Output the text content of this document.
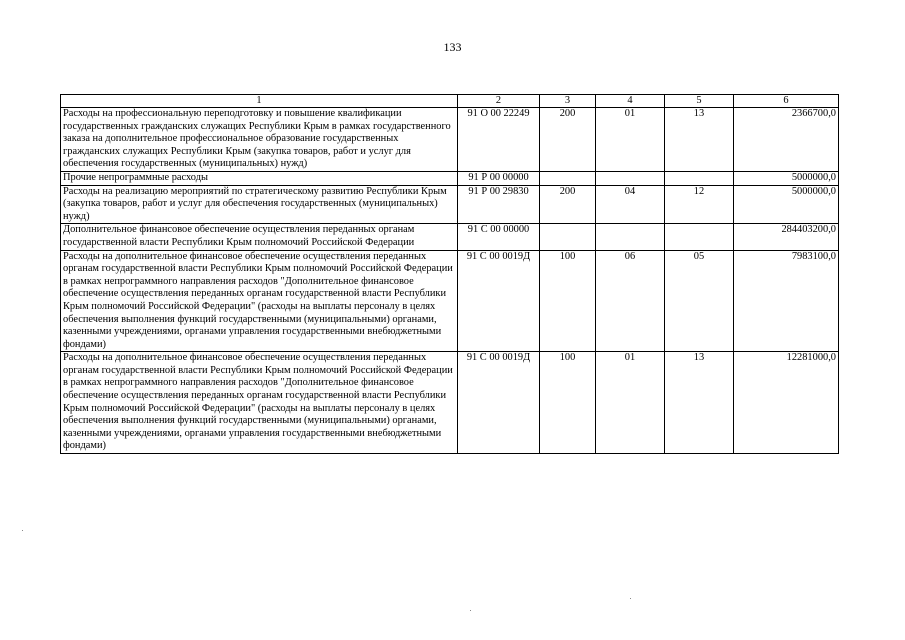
133
1	2	3	4	5	6
Расходы на профессиональную переподготовку и повышение квалификации государственных гражданских служащих Республики Крым в рамках государственного заказа на дополнительное профессиональное образование государственных гражданских служащих Республики Крым (закупка товаров, работ и услуг для обеспечения государственных (муниципальных) нужд)	91 О 00 22249	200	01	13	2366700,0
Прочие непрограммные расходы	91 Р 00 00000				5000000,0
Расходы на реализацию мероприятий по стратегическому развитию Республики Крым (закупка товаров, работ и услуг для обеспечения государственных (муниципальных) нужд)	91 Р 00 29830	200	04	12	5000000,0
Дополнительное финансовое обеспечение осуществления переданных органам государственной власти Республики Крым полномочий Российской Федерации	91 С 00 00000				284403200,0
Расходы на дополнительное финансовое обеспечение осуществления переданных органам государственной власти Республики Крым полномочий Российской Федерации в рамках непрограммного направления расходов "Дополнительное финансовое обеспечение осуществления переданных органам государственной власти Республики Крым полномочий Российской Федерации" (расходы на выплаты персоналу в целях обеспечения выполнения функций государственными (муниципальными) органами, казенными учреждениями, органами управления государственными внебюджетными фондами)	91 С 00 0019Д	100	06	05	7983100,0
Расходы на дополнительное финансовое обеспечение осуществления переданных органам государственной власти Республики Крым полномочий Российской Федерации в рамках непрограммного направления расходов "Дополнительное финансовое обеспечение осуществления переданных органам государственной власти Республики Крым полномочий Российской Федерации" (расходы на выплаты персоналу в целях обеспечения выполнения функций государственными (муниципальными) органами, казенными учреждениями, органами управления государственными внебюджетными фондами)	91 С 00 0019Д	100	01	13	12281000,0
